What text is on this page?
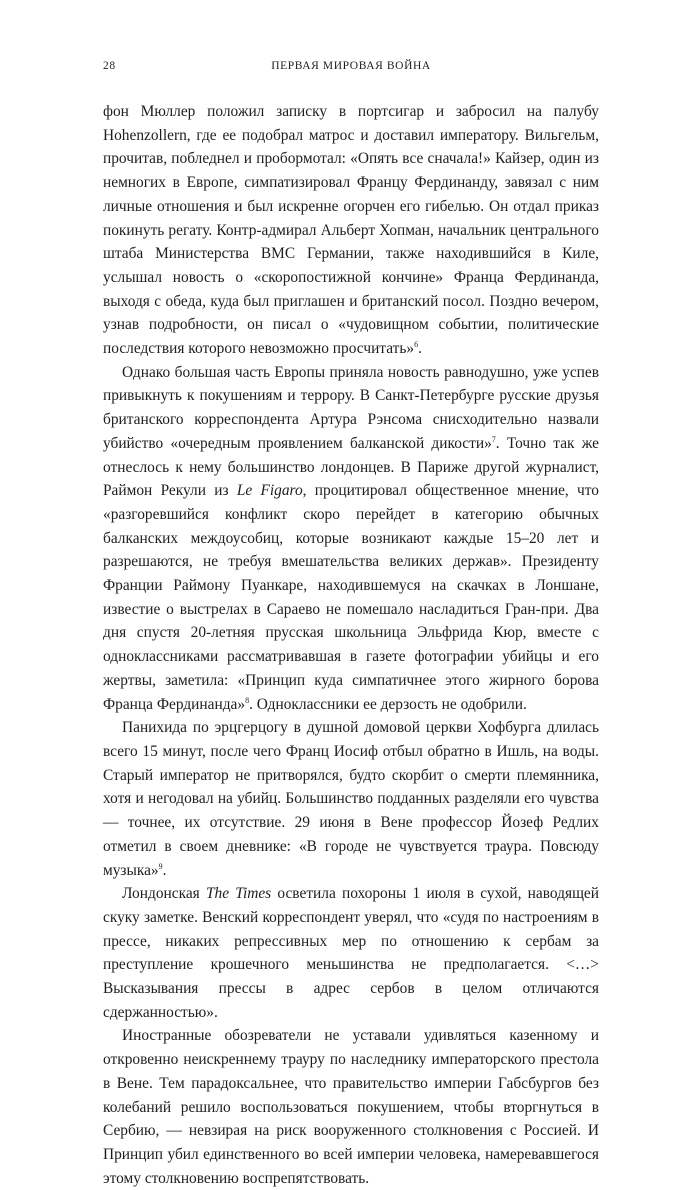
28	ПЕРВАЯ МИРОВАЯ ВОЙНА

фон Мюллер положил записку в портсигар и забросил на палубу Hohenzollern, где ее подобрал матрос и доставил императору. Вильгельм, прочитав, побледнел и пробормотал: «Опять все сначала!» Кайзер, один из немногих в Европе, симпатизировал Францу Фердинанду, завязал с ним личные отношения и был искренне огорчен его гибелью. Он отдал приказ покинуть регату. Контр-адмирал Альберт Хопман, начальник центрального штаба Министерства ВМС Германии, также находившийся в Киле, услышал новость о «скоропостижной кончине» Франца Фердинанда, выходя с обеда, куда был приглашен и британский посол. Поздно вечером, узнав подробности, он писал о «чудовищном событии, политические последствия которого невозможно просчитать»$^6$.

Однако большая часть Европы приняла новость равнодушно, уже успев привыкнуть к покушениям и террору. В Санкт-Петербурге русские друзья британского корреспондента Артура Рэнсома снисходительно назвали убийство «очередным проявлением балканской дикости»$^7$. Точно так же отнеслось к нему большинство лондонцев. В Париже другой журналист, Раймон Рекули из Le Figaro, процитировал общественное мнение, что «разгоревшийся конфликт скоро перейдет в категорию обычных балканских междоусобиц, которые возникают каждые 15–20 лет и разрешаются, не требуя вмешательства великих держав». Президенту Франции Раймону Пуанкаре, находившемуся на скачках в Лоншане, известие о выстрелах в Сараево не помешало насладиться Гран-при. Два дня спустя 20-летняя прусская школьница Эльфрида Кюр, вместе с одноклассниками рассматривавшая в газете фотографии убийцы и его жертвы, заметила: «Принцип куда симпатичнее этого жирного борова Франца Фердинанда»$^8$. Одноклассники ее дерзость не одобрили.

Панихида по эрцгерцогу в душной домовой церкви Хофбурга длилась всего 15 минут, после чего Франц Иосиф отбыл обратно в Ишль, на воды. Старый император не притворялся, будто скорбит о смерти племянника, хотя и негодовал на убийц. Большинство подданных разделяли его чувства — точнее, их отсутствие. 29 июня в Вене профессор Йозеф Редлих отметил в своем дневнике: «В городе не чувствуется траура. Повсюду музыка»$^9$.

Лондонская The Times осветила похороны 1 июля в сухой, наводящей скуку заметке. Венский корреспондент уверял, что «судя по настроениям в прессе, никаких репрессивных мер по отношению к сербам за преступление крошечного меньшинства не предполагается. <…> Высказывания прессы в адрес сербов в целом отличаются сдержанностью».

Иностранные обозреватели не уставали удивляться казенному и откровенно неискреннему трауру по наследнику императорского престола в Вене. Тем парадоксальнее, что правительство империи Габсбургов без колебаний решило воспользоваться покушением, чтобы вторгнуться в Сербию, — невзирая на риск вооруженного столкновения с Россией. И Принцип убил единственного во всей империи человека, намеревавшегося этому столкновению воспрепятствовать.
